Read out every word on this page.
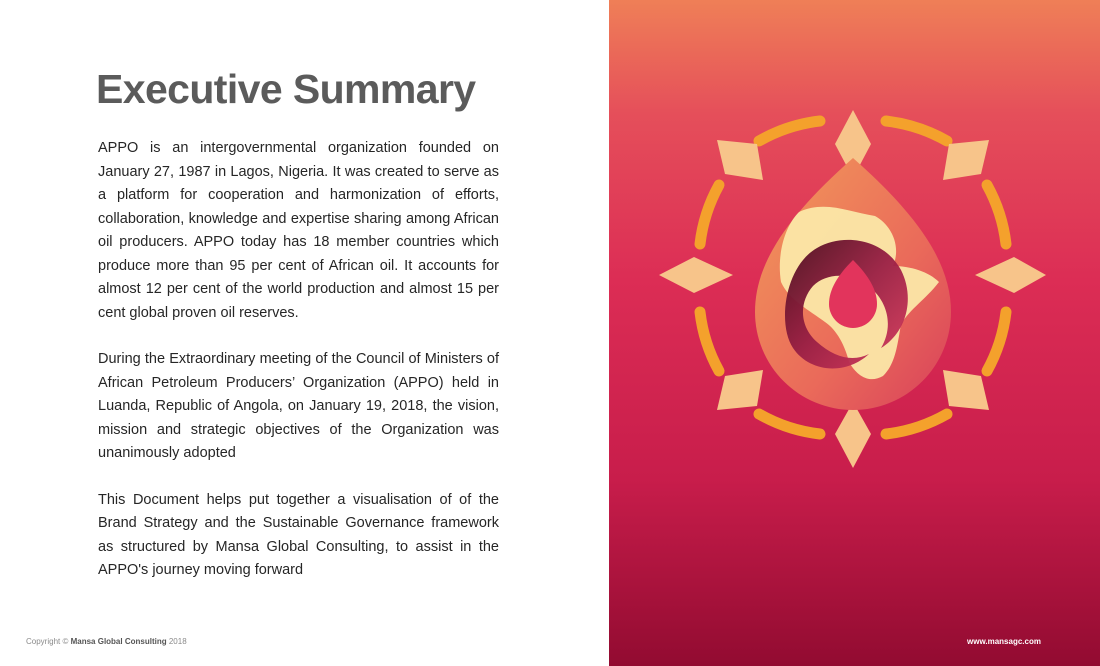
Executive Summary

APPO is an intergovernmental organization founded on January 27, 1987 in Lagos, Nigeria. It was created to serve as a platform for cooperation and harmonization of efforts, collaboration, knowledge and expertise sharing among African oil producers. APPO today has 18 member countries which produce more than 95 per cent of African oil. It accounts for almost 12 per cent of the world production and almost 15 per cent global proven oil reserves.

During the Extraordinary meeting of the Council of Ministers of African Petroleum Producers’ Organization (APPO) held in Luanda, Republic of Angola, on January 19, 2018, the vision, mission and strategic objectives of the Organization was unanimously adopted

This Document helps put together a visualisation of of the Brand Strategy and the Sustainable Governance framework as structured by Mansa Global Consulting, to assist in the APPO's journey moving forward

Copyright © Mansa Global Consulting 2018	www.mansagc.com
